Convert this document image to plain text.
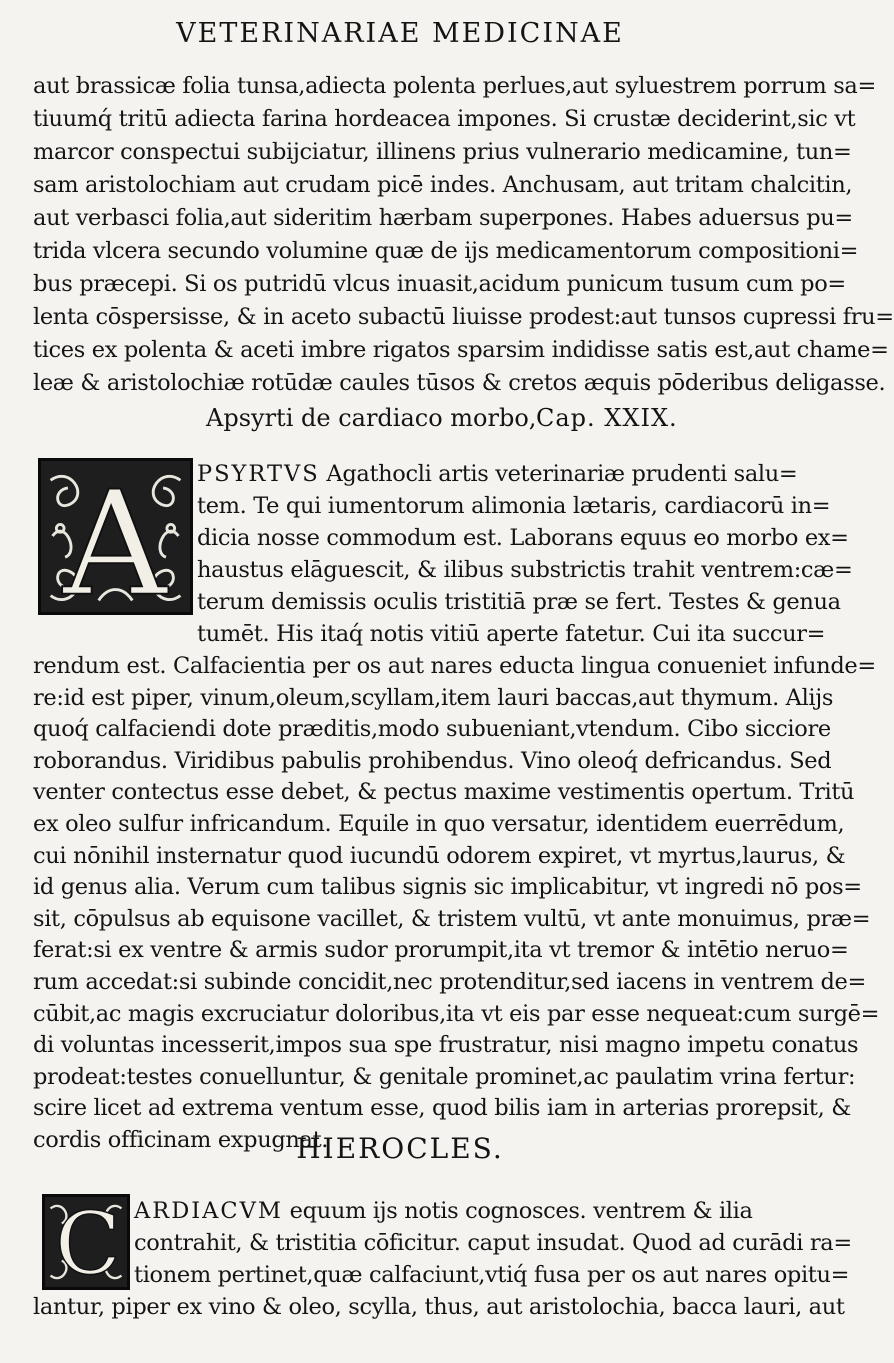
VETERINARIAE MEDICINAE
aut brassicæ folia tunsa,adiecta polenta perlues,aut syluestrem porrum sa=
tiuumq́ tritū adiecta farina hordeacea impones. Si crustæ deciderint,sic vt
marcor conspectui subijciatur, illinens prius vulnerario medicamine, tun=
sam aristolochiam aut crudam picē indes. Anchusam, aut tritam chalcitin,
aut verbasci folia,aut sideritim hærbam superpones. Habes aduersus pu=
trida vlcera secundo volumine quæ de ijs medicamentorum compositioni=
bus præcepi. Si os putridū vlcus inuasit,acidum punicum tusum cum po=
lenta cōspersisse, & in aceto subactū liuisse prodest:aut tunsos cupressi fru=
tices ex polenta & aceti imbre rigatos sparsim indidisse satis est,aut chame=
leæ & aristolochiæ rotūdæ caules tūsos & cretos æquis pōderibus deligasse.
Apsyrti de cardiaco morbo, Cap. XXIX.
A PSYRTVS Agathocli artis veterinariæ prudenti salu=
tem. Te qui iumentorum alimonia lætaris, cardiacorū in=
dicia nosse commodum est. Laborans equus eo morbo ex=
haustus elāguescit, & ilibus substrictis trahit ventrem:cæ=
terum demissis oculis tristitiā præ se fert. Testes & genua
tumēt. His itaq́ notis vitiū aperte fatetur. Cui ita succur=
rendum est. Calfacientia per os aut nares educta lingua conueniet infunde=
re:id est piper, vinum,oleum,scyllam,item lauri baccas,aut thymum. Alijs
quoq́ calfaciendi dote præditis,modo subueniant,vtendum. Cibo sicciore
roborandus. Viridibus pabulis prohibendus. Vino oleoq́ defricandus. Sed
venter contectus esse debet, & pectus maxime vestimentis opertum. Tritū
ex oleo sulfur infricandum. Equile in quo versatur, identidem euerrēdum,
cui nōnihil insternatur quod iucundū odorem expiret, vt myrtus,laurus, &
id genus alia. Verum cum talibus signis sic implicabitur, vt ingredi nō pos=
sit, cōpulsus ab equisone vacillet, & tristem vultū, vt ante monuimus, præ=
ferat:si ex ventre & armis sudor prorumpit,ita vt tremor & intētio neruo=
rum accedat:si subinde concidit,nec protenditur,sed iacens in ventrem de=
cūbit,ac magis excruciatur doloribus,ita vt eis par esse nequeat:cum surgē=
di voluntas incesserit,impos sua spe frustratur, nisi magno impetu conatus
prodeat:testes conuelluntur, & genitale prominet,ac paulatim vrina fertur:
scire licet ad extrema ventum esse, quod bilis iam in arterias prorepsit, &
cordis officinam expugnat.
HIEROCLES.
C ARDIACVM equum ijs notis cognosces. ventrem & ilia
contrahit, & tristitia cōficitur. caput insudat. Quod ad curādi ra=
tionem pertinet,quæ calfaciunt,vtiq́ fusa per os aut nares opitu=
lantur, piper ex vino & oleo, scylla, thus, aut aristolochia, bacca lauri, aut
